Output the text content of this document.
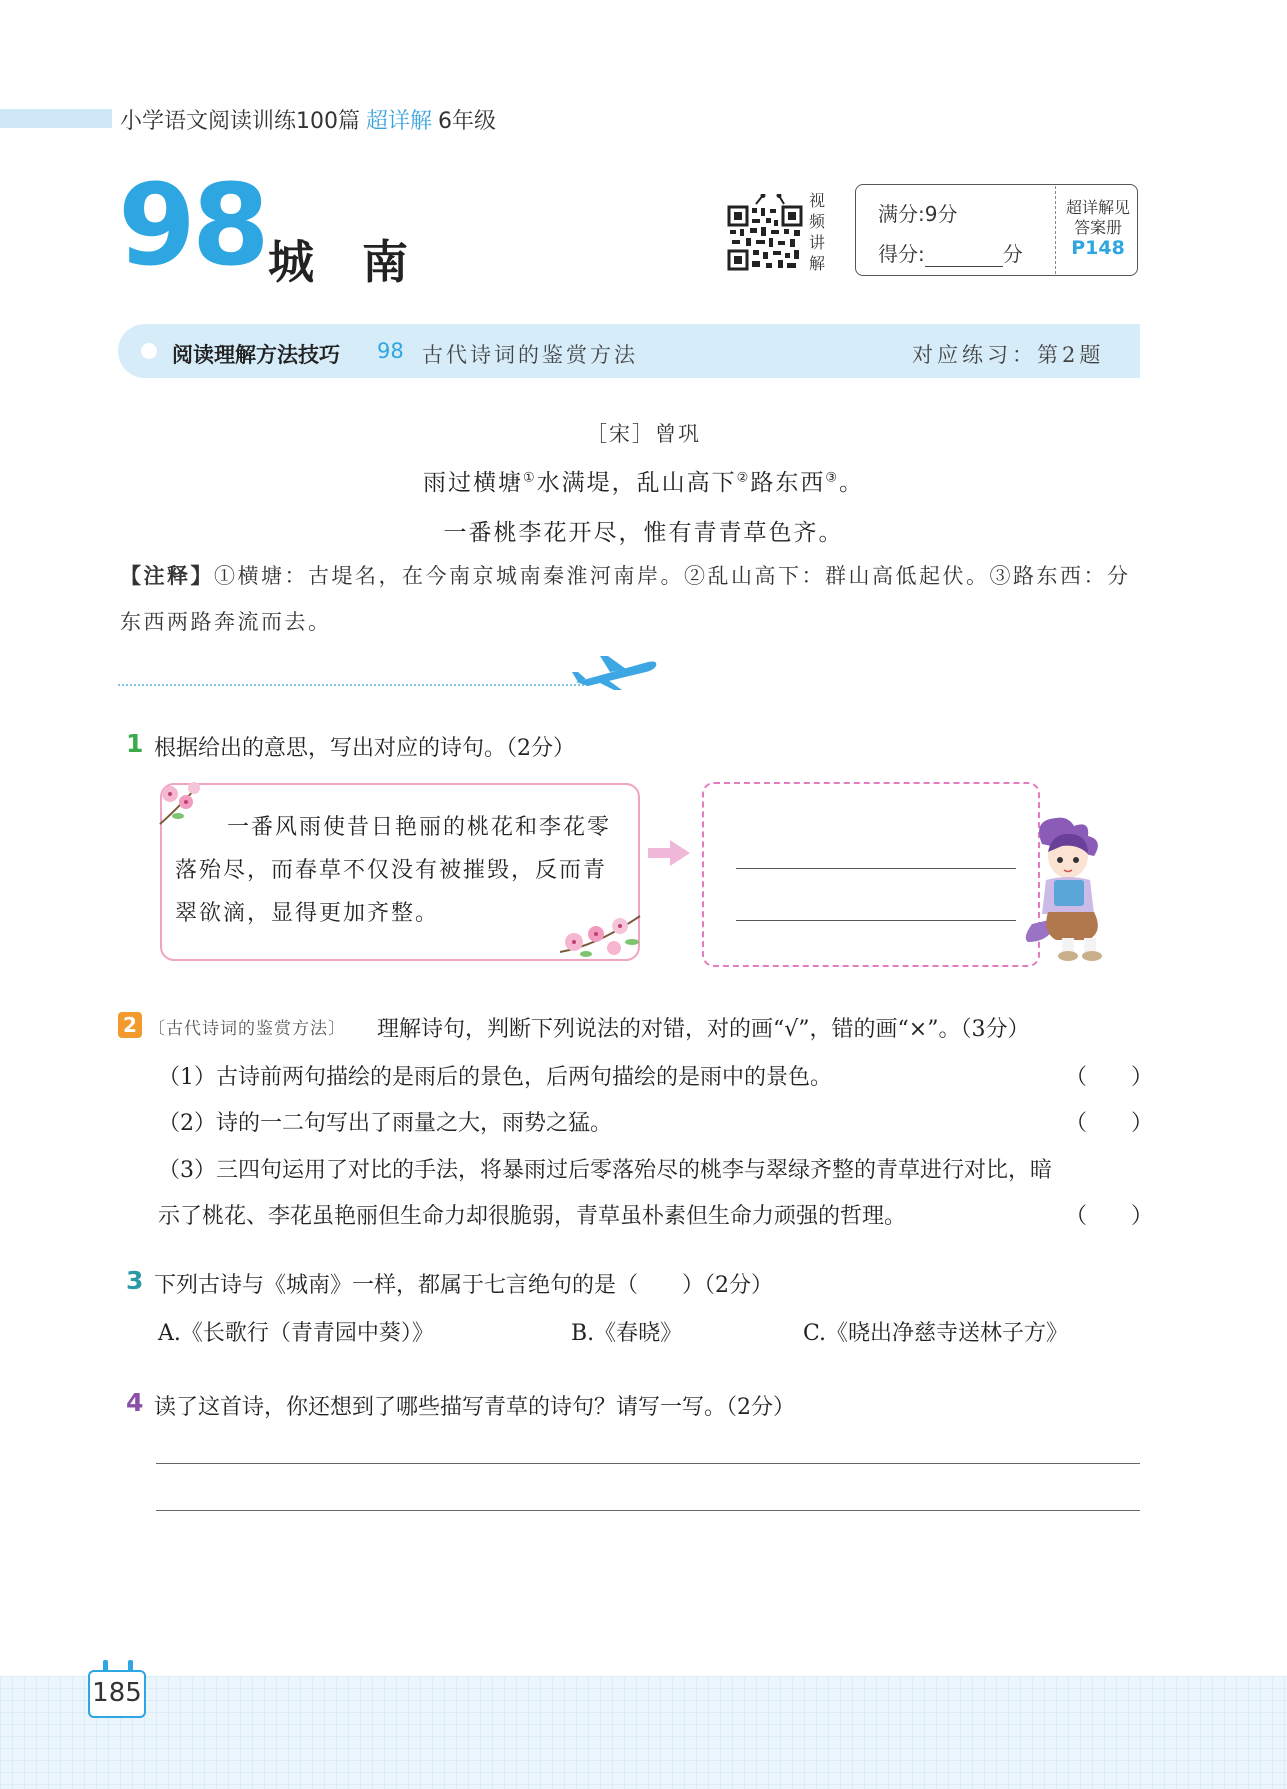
小学语文阅读训练100篇 超详解 6年级
98 城南
视频讲解
满分:9分
得分:	分
超详解见
答案册
P148
阅读理解方法技巧 98 古代诗词的鉴赏方法	对应练习：第2题
［宋］曾巩
雨过横塘①水满堤，乱山高下②路东西③。
一番桃李花开尽，惟有青青草色齐。
【注释】①横塘：古堤名，在今南京城南秦淮河南岸。②乱山高下：群山高低起伏。③路东西：分东西两路奔流而去。
1 根据给出的意思，写出对应的诗句。（2分）
一番风雨使昔日艳丽的桃花和李花零落殆尽，而春草不仅没有被摧毁，反而青翠欲滴，显得更加齐整。
2 〔古代诗词的鉴赏方法〕 理解诗句，判断下列说法的对错，对的画“√”，错的画“×”。（3分）
（1）古诗前两句描绘的是雨后的景色，后两句描绘的是雨中的景色。	（　　）
（2）诗的一二句写出了雨量之大，雨势之猛。	（　　）
（3）三四句运用了对比的手法，将暴雨过后零落殆尽的桃李与翠绿齐整的青草进行对比，暗
示了桃花、李花虽艳丽但生命力却很脆弱，青草虽朴素但生命力顽强的哲理。	（　　）
3 下列古诗与《城南》一样，都属于七言绝句的是（　　）（2分）
A.《长歌行（青青园中葵）》	B.《春晓》	C.《晓出净慈寺送林子方》
4 读了这首诗，你还想到了哪些描写青草的诗句？请写一写。（2分）
185
